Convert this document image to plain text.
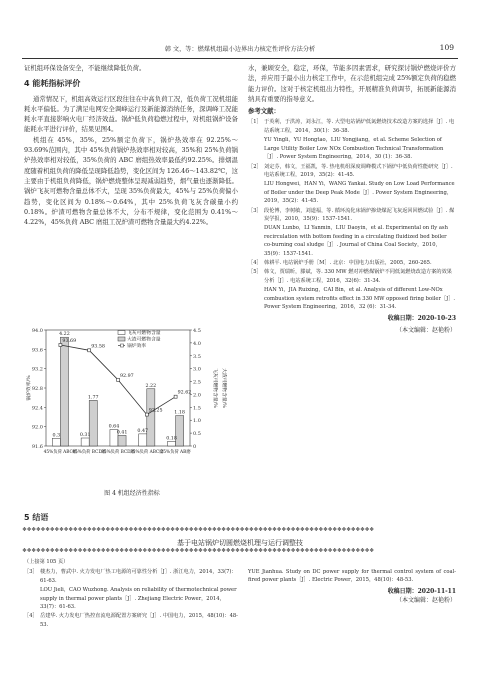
韩 文，等：燃煤机组最小边界出力核定性评价方法分析	109

证机组环保设备安全，不能继续降低负荷。

4 能耗指标评价

通常情况下，机组高效运行区段往往在中高负荷工况，低负荷工况机组能耗水平偏低。为了满足电网安全调峰运行及新能源消纳任务，深调峰工况能耗水平直接影响火电厂经济效益。锅炉低负荷稳燃过程中，对机组锅炉设备能耗水平进行评价，结果见图4。

机组在 45%，35%，25%额定负荷下，锅炉热效率在 92.25%～93.69%范围内，其中 45%负荷锅炉热效率相对较高，35%和 25%负荷锅炉热效率相对较低，35%负荷的 ABC 磨组热效率最低约92.25%。排烟温度随着机组负荷的降低呈现降低趋势，变化区间为 126.46～143.82℃，这主要由于机组负荷降低，锅炉燃烧整体呈现减弱趋势，烟气量也逐渐降低。锅炉飞灰可燃物含量总体不大，呈现 35%负荷最大，45%与 25%负荷偏小趋势，变化区间为 0.18%～0.64%，其中 25%负荷飞灰含碳量小约 0.18%。炉渣可燃物含量总体不大，分布不规律，变化范围为 0.41%～4.22%，45%负荷 ABC 磨组工况炉渣可燃物含量最大约4.22%。

94.0
93.6
93.2
92.8
92.4
92.0
91.6
4.5
4.0
3.5
3.0
2.5
2.0
1.5
1.0
0.5
0
45%负荷 ABC磨
45%负荷 BCD磨
35%负荷 BCD磨
35%负荷 ABC磨
25%负荷 AB磨
锅炉效率/%	飞灰可燃物含量/% 大渣可燃物含量/%
0.3
4.22
93.69
0.31
1.77
93.58
0.64
0.41
92.97
0.47
2.22
92.25
0.18
1.18
92.62
飞灰可燃物含量
大渣可燃物含量
锅炉效率
图 4 机组经济性指标

水，兼顾安全，稳定，环保，节能多因素需求，研究探讨锅炉燃烧评价方法，并应用于最小出力核定工作中，在示范机组完成 25%额定负荷的稳燃能力评价。这对于核定机组出力特性，开展精准负荷调节，拓展新能源消纳具有重要的指导意义。

参考文献：
［1］ 于英利，于洪涛，刘永江，等. 大型电站锅炉低氮燃烧技术改造方案的选择［J］. 电站系统工程，2014，30(1)：36-38.
YU Yingli，YU Hongtao，LIU Yongjiang，et al. Scheme Selection of Large Utility Boiler Low NOx Combustion Technical Transformation［J］. Power System Engineering，2014，30 (1)：36-38.
［2］ 刘定芬，韩文，王福凯，等. 热电机组深度调峰模式下锅炉中低负荷性能研究［J］. 电站系统工程，2019，35(2)：41-45.
LIU Hongwei，HAN Yi，WANG Yankai. Study on Low Load Performance of Boiler under the Deep Peak Mode［J］. Power System Engineering，2019，35(2)：41-45.
［3］ 段伦博，李树敏，刘道福，等. 循环流化床锅炉掺烧煤泥飞灰返回回燃试验［J］. 煤炭学报，2010，35(9)：1537-1541.
DUAN Lunbo，LI Yanmin，LIU Daoyin，et al. Experimental on fly ash recirculation with bottom feeding in a circulating fluidized bed boiler co-burning coal sludge［J］. Journal of China Coal Society，2010，35(9)：1537-1541.
［4］ 韩耕平. 电站锅炉手册［M］. 北京：中国电力出版社，2005，260-265.
［5］ 韩文，贾瑞昕，滕斌，等. 330 MW 燃对冲燃煤锅炉不同低氮燃烧改造方案的效果分析［J］. 电站系统工程，2016，32(6)：31-34.
HAN Yi，JIA Ruixing，CAI Bin，et al. Analysis of different Low-NOx combustion system retrofits effect in 330 MW opposed firing boiler［J］. Power System Engineering，2016，32 (6)：31-34.
收稿日期：2020-10-23
（本文编辑：赵艳粉）
5 结语
❖❖❖❖❖❖❖❖❖❖❖❖❖❖❖❖❖❖❖❖❖❖❖❖❖❖❖❖❖❖❖❖❖❖❖❖❖❖❖❖❖❖❖❖❖❖❖❖❖❖❖❖❖❖❖❖❖❖❖❖❖❖❖❖❖❖❖❖❖❖❖❖❖❖❖❖
基于电站锅炉切圆燃烧机理与运行调整技
❖❖❖❖❖❖❖❖❖❖❖❖❖❖❖❖❖❖❖❖❖❖❖❖❖❖❖❖❖❖❖❖❖❖❖❖❖❖❖❖❖❖❖❖❖❖❖❖❖❖❖❖❖❖❖❖❖❖❖❖❖❖❖❖❖❖❖❖❖❖❖❖❖❖❖❖
（上接第 105 页）
［3］ 楼杰力，曹武中. 火力发电厂热工电源的可靠性分析［J］. 浙江电力，2014，33(7)：61-63.
LOU Jieli，CAO Wuzhong. Analysis on reliability of thermotechnical power supply in thermal power plants［J］. Zhejiang Electric Power，2014，33(7)：61-63.
［4］ 岳建华. 火力发电厂热控直流电源配置方案研究［J］. 中国电力，2015，48(10)：48-53.
YUE Jianhua. Study on DC power supply for thermal control system of coal-fired power plants［J］. Electric Power，2015，48(10)：48-53.
收稿日期：2020-11-11
（本文编辑：赵艳粉）
